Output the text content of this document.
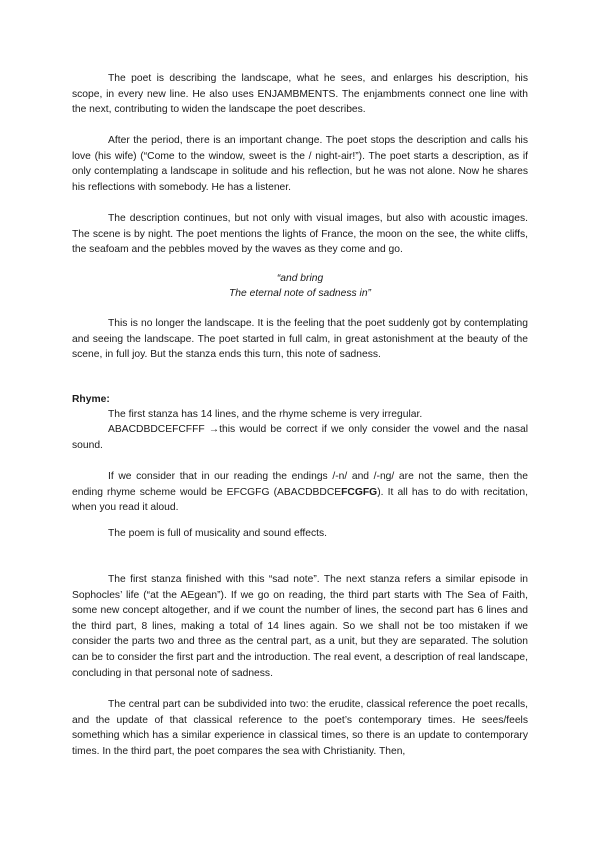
The poet is describing the landscape, what he sees, and enlarges his description, his scope, in every new line. He also uses ENJAMBMENTS. The enjambments connect one line with the next, contributing to widen the landscape the poet describes.

After the period, there is an important change. The poet stops the description and calls his love (his wife) (“Come to the window, sweet is the / night-air!”). The poet starts a description, as if only contemplating a landscape in solitude and his reflection, but he was not alone. Now he shares his reflections with somebody. He has a listener.

The description continues, but not only with visual images, but also with acoustic images. The scene is by night. The poet mentions the lights of France, the moon on the see, the white cliffs, the seafoam and the pebbles moved by the waves as they come and go.

“and bring

The eternal note of sadness in”

This is no longer the landscape. It is the feeling that the poet suddenly got by contemplating and seeing the landscape. The poet started in full calm, in great astonishment at the beauty of the scene, in full joy. But the stanza ends this turn, this note of sadness.

Rhyme:

The first stanza has 14 lines, and the rhyme scheme is very irregular.

ABACDBDCEFCFFF →this would be correct if we only consider the vowel and the nasal sound.

If we consider that in our reading the endings /-n/ and /-ng/ are not the same, then the ending rhyme scheme would be EFCGFG (ABACDBDCEFCGFG). It all has to do with recitation, when you read it aloud.

The poem is full of musicality and sound effects.

The first stanza finished with this “sad note”. The next stanza refers a similar episode in Sophocles’ life (“at the AEgean”). If we go on reading, the third part starts with The Sea of Faith, some new concept altogether, and if we count the number of lines, the second part has 6 lines and the third part, 8 lines, making a total of 14 lines again. So we shall not be too mistaken if we consider the parts two and three as the central part, as a unit, but they are separated. The solution can be to consider the first part and the introduction. The real event, a description of real landscape, concluding in that personal note of sadness.

The central part can be subdivided into two: the erudite, classical reference the poet recalls, and the update of that classical reference to the poet’s contemporary times. He sees/feels something which has a similar experience in classical times, so there is an update to contemporary times. In the third part, the poet compares the sea with Christianity. Then,
